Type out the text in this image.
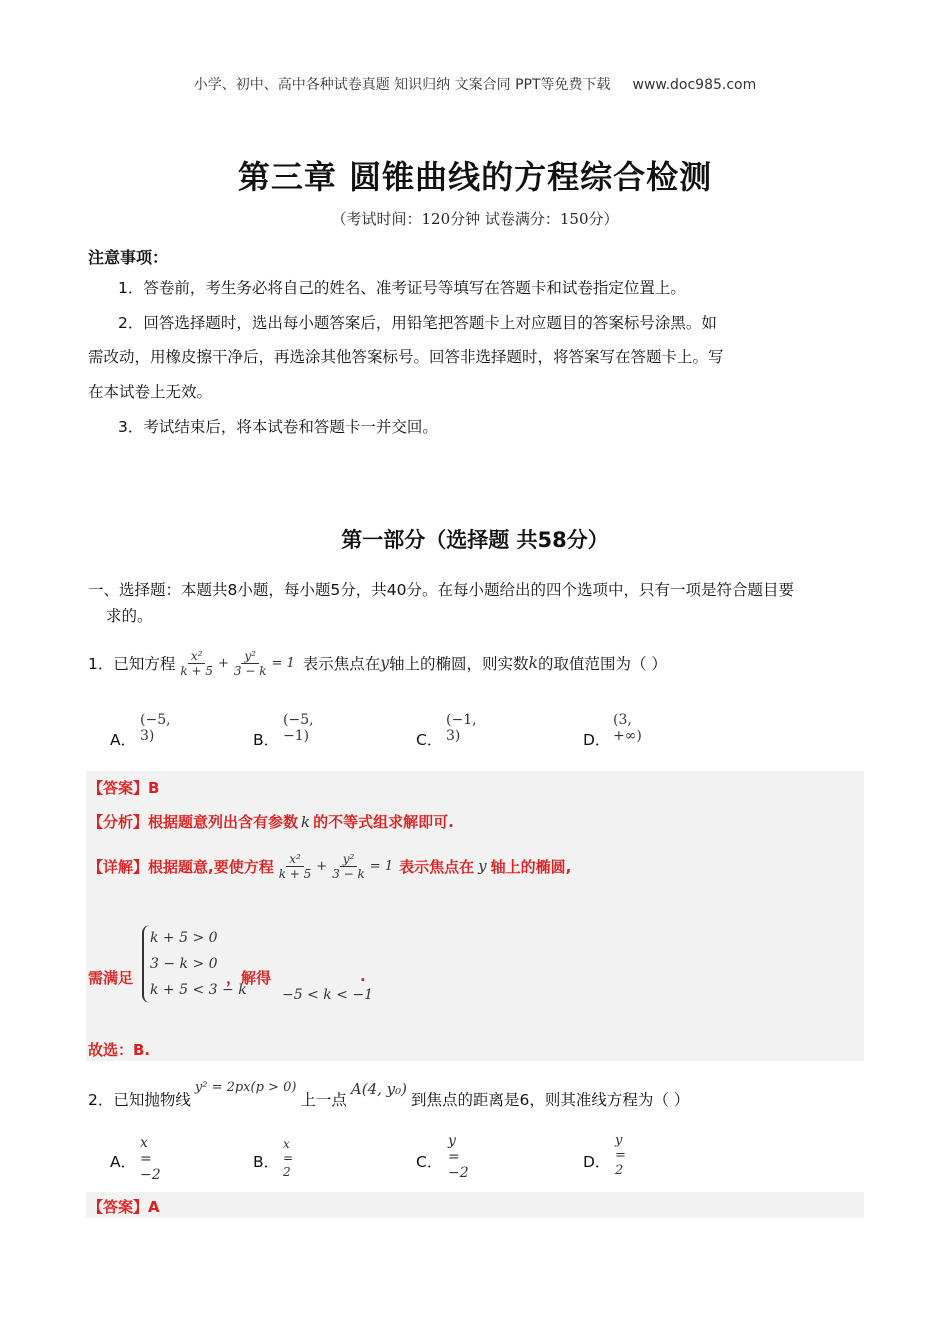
小学、初中、高中各种试卷真题 知识归纳 文案合同 PPT等免费下载 www.doc985.com
第三章 圆锥曲线的方程综合检测
（考试时间：120分钟 试卷满分：150分）
注意事项：
1．答卷前，考生务必将自己的姓名、准考证号等填写在答题卡和试卷指定位置上。
2．回答选择题时，选出每小题答案后，用铅笔把答题卡上对应题目的答案标号涂黑。如
需改动，用橡皮擦干净后，再选涂其他答案标号。回答非选择题时，将答案写在答题卡上。写
在本试卷上无效。
3．考试结束后，将本试卷和答题卡一并交回。
第一部分（选择题 共58分）
一、选择题：本题共8小题，每小题5分，共40分。在每小题给出的四个选项中，只有一项是符合题目要
求的。
1．已知方程 $\frac{\text{x²}}{k + 5} + \frac{\text{y²}}{3 - k} = 1$ 表示焦点在 y 轴上的椭圆，则实数 k 的取值范围为（ ）
(−5, 3)
A．
(−5, −1)
B．
(−1, 3)
C．
(3, +∞)
D．
【答案】B
【分析】根据题意列出含有参数 k 的不等式组求解即可.
【详解】根据题意,要使方程 $\frac{\text{x²}}{k + 5} + \frac{\text{y²}}{3 - k} = 1$ 表示焦点在 y 轴上的椭圆,
需满足
k + 5 > 0
3 − k > 0
k + 5 < 3 − k
，解得
−5 < k < −1
.
故选：B.
2．已知抛物线
y² = 2px(p > 0)
上一点
A(4, y₀)
到焦点的距离是6，则其准线方程为（ ）
x = −2
A．
x = 2
B．
y = −2
C．
y = 2
D．
【答案】A
